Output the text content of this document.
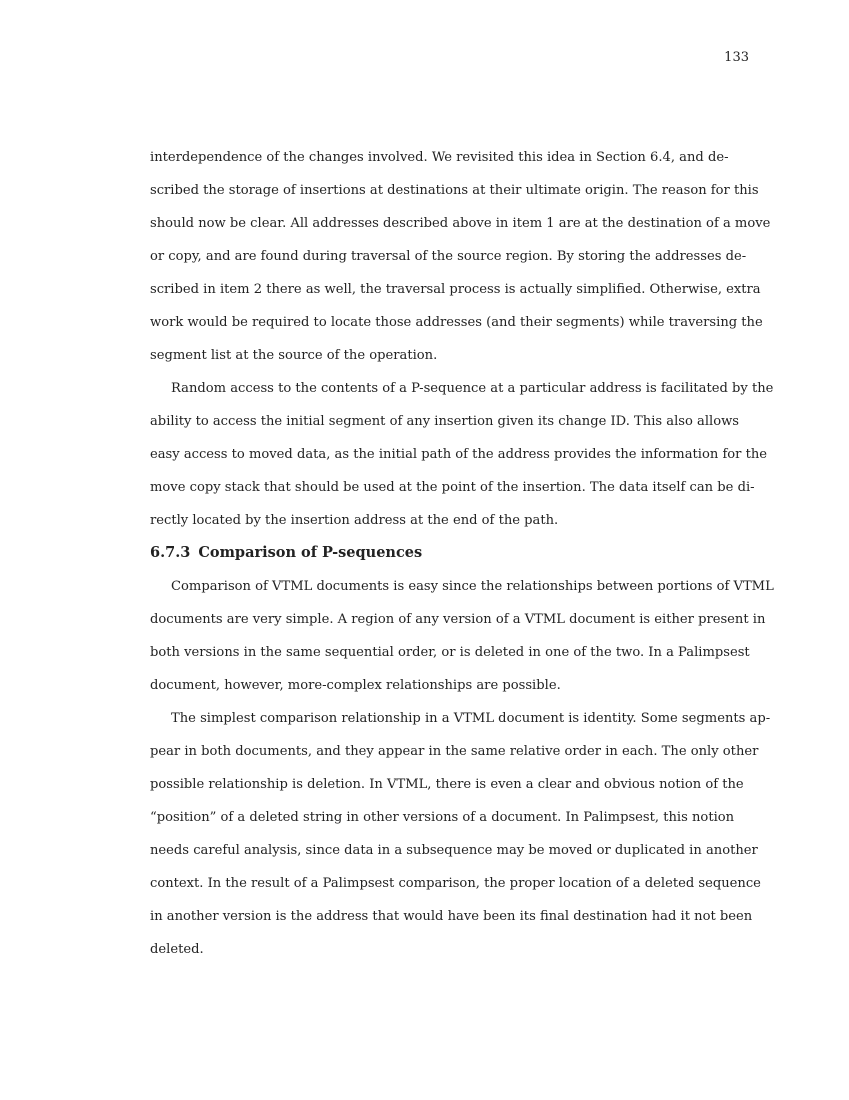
133
interdependence of the changes involved. We revisited this idea in Section 6.4, and de-
scribed the storage of insertions at destinations at their ultimate origin. The reason for this
should now be clear. All addresses described above in item 1 are at the destination of a move
or copy, and are found during traversal of the source region. By storing the addresses de-
scribed in item 2 there as well, the traversal process is actually simplified. Otherwise, extra
work would be required to locate those addresses (and their segments) while traversing the
segment list at the source of the operation.
Random access to the contents of a P-sequence at a particular address is facilitated by the
ability to access the initial segment of any insertion given its change ID. This also allows
easy access to moved data, as the initial path of the address provides the information for the
move copy stack that should be used at the point of the insertion. The data itself can be di-
rectly located by the insertion address at the end of the path.
6.7.3 Comparison of P-sequences
Comparison of VTML documents is easy since the relationships between portions of VTML
documents are very simple. A region of any version of a VTML document is either present in
both versions in the same sequential order, or is deleted in one of the two. In a Palimpsest
document, however, more-complex relationships are possible.
The simplest comparison relationship in a VTML document is identity. Some segments ap-
pear in both documents, and they appear in the same relative order in each. The only other
possible relationship is deletion. In VTML, there is even a clear and obvious notion of the
“position” of a deleted string in other versions of a document. In Palimpsest, this notion
needs careful analysis, since data in a subsequence may be moved or duplicated in another
context. In the result of a Palimpsest comparison, the proper location of a deleted sequence
in another version is the address that would have been its final destination had it not been
deleted.
